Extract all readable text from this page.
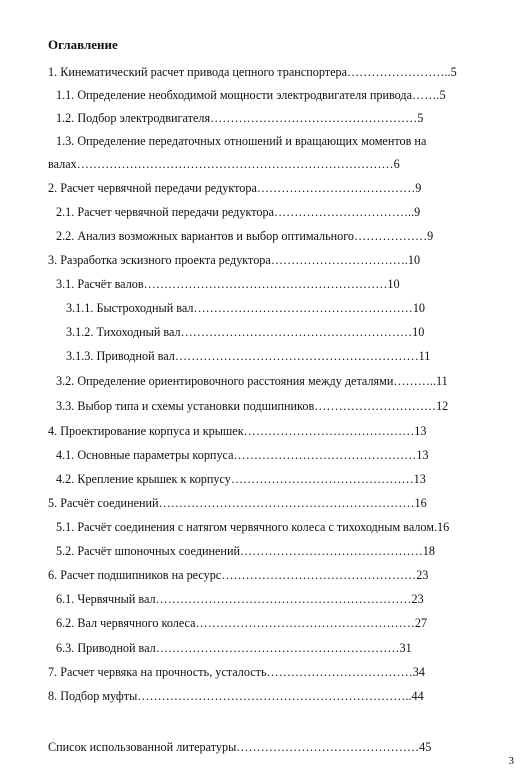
Оглавление
1. Кинематический расчет привода цепного транспортера……………………..5
1.1. Определение необходимой мощности электродвигателя привода…….5
1.2. Подбор электродвигателя……………………………………………5
1.3. Определение передаточных отношений и вращающих моментов на
валах……………………………………………………………………6
2. Расчет червячной передачи редуктора…………………………………9
2.1. Расчет червячной передачи редуктора……………………………..9
2.2. Анализ возможных вариантов и выбор оптимального………………9
3. Разработка эскизного проекта редуктора…………………………….10
3.1. Расчёт валов……………………………………………………10
3.1.1. Быстроходный вал………………………………………………10
3.1.2. Тихоходный вал…………………………………………………10
3.1.3. Приводной вал……………………………………………………11
3.2. Определение ориентировочного расстояния между деталями………..11
3.3. Выбор типа и схемы установки подшипников…………………………12
4. Проектирование корпуса и крышек……………………………………13
4.1. Основные параметры корпуса………………………………………13
4.2. Крепление крышек к корпусу………………………………………13
5. Расчёт соединений………………………………………………………16
5.1. Расчёт соединения с натягом червячного колеса с тихоходным валом.16
5.2. Расчёт шпоночных соединений………………………………………18
6. Расчет подшипников на ресурс…………………………………………23
6.1. Червячный вал………………………………………………………23
6.2. Вал червячного колеса………………………………………………27
6.3. Приводной вал……………………………………………………31
7. Расчет червяка на прочность, усталость………………………………34
8. Подбор муфты…………………………………………………………..44
Список использованной литературы………………………………………45
3
